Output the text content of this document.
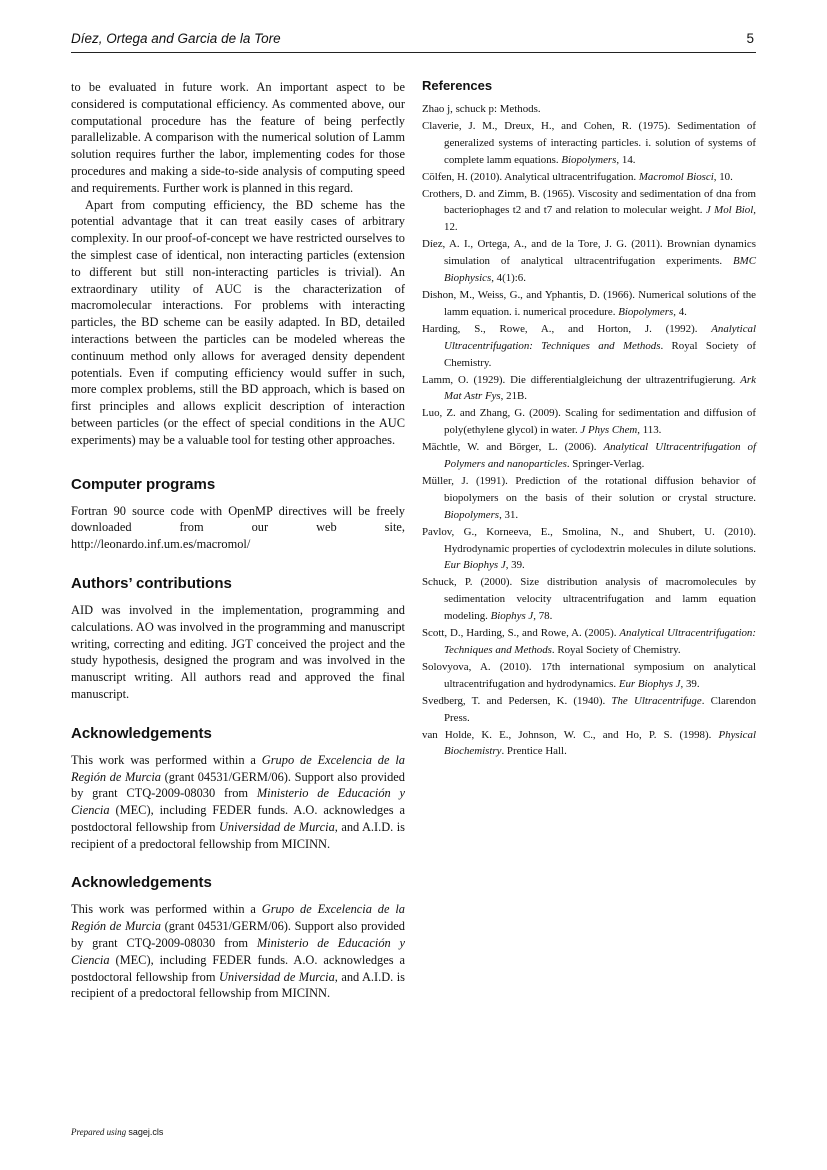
Díez, Ortega and Garcia de la Tore	5

to be evaluated in future work. An important aspect to be considered is computational efficiency. As commented above, our computational procedure has the feature of being perfectly parallelizable. A comparison with the numerical solution of Lamm solution requires further the labor, implementing codes for those procedures and making a side-to-side analysis of computing speed and requirements. Further work is planned in this regard.

Apart from computing efficiency, the BD scheme has the potential advantage that it can treat easily cases of arbitrary complexity. In our proof-of-concept we have restricted ourselves to the simplest case of identical, non interacting particles (extension to different but still non-interacting particles is trivial). An extraordinary utility of AUC is the characterization of macromolecular interactions. For problems with interacting particles, the BD scheme can be easily adapted. In BD, detailed interactions between the particles can be modeled whereas the continuum method only allows for averaged density dependent potentials. Even if computing efficiency would suffer in such, more complex problems, still the BD approach, which is based on first principles and allows explicit description of interaction between particles (or the effect of special conditions in the AUC experiments) may be a valuable tool for testing other approaches.

Computer programs

Fortran 90 source code with OpenMP directives will be freely downloaded from our web site, http://leonardo.inf.um.es/macromol/

Authors’ contributions

AID was involved in the implementation, programming and calculations. AO was involved in the programming and manuscript writing, correcting and editing. JGT conceived the project and the study hypothesis, designed the program and was involved in the manuscript writing. All authors read and approved the final manuscript.

Acknowledgements

This work was performed within a Grupo de Excelencia de la Región de Murcia (grant 04531/GERM/06). Support also provided by grant CTQ-2009-08030 from Ministerio de Educación y Ciencia (MEC), including FEDER funds. A.O. acknowledges a postdoctoral fellowship from Universidad de Murcia, and A.I.D. is recipient of a predoctoral fellowship from MICINN.

Acknowledgements

This work was performed within a Grupo de Excelencia de la Región de Murcia (grant 04531/GERM/06). Support also provided by grant CTQ-2009-08030 from Ministerio de Educación y Ciencia (MEC), including FEDER funds. A.O. acknowledges a postdoctoral fellowship from Universidad de Murcia, and A.I.D. is recipient of a predoctoral fellowship from MICINN.

References

Zhao j, schuck p: Methods.

Claverie, J. M., Dreux, H., and Cohen, R. (1975). Sedimentation of generalized systems of interacting particles. i. solution of systems of complete lamm equations. Biopolymers, 14.

Cölfen, H. (2010). Analytical ultracentrifugation. Macromol Biosci, 10.

Crothers, D. and Zimm, B. (1965). Viscosity and sedimentation of dna from bacteriophages t2 and t7 and relation to molecular weight. J Mol Biol, 12.

Díez, A. I., Ortega, A., and de la Tore, J. G. (2011). Brownian dynamics simulation of analytical ultracentrifugation experiments. BMC Biophysics, 4(1):6.

Dishon, M., Weiss, G., and Yphantis, D. (1966). Numerical solutions of the lamm equation. i. numerical procedure. Biopolymers, 4.

Harding, S., Rowe, A., and Horton, J. (1992). Analytical Ultracentrifugation: Techniques and Methods. Royal Society of Chemistry.

Lamm, O. (1929). Die differentialgleichung der ultrazentrifugierung. Ark Mat Astr Fys, 21B.

Luo, Z. and Zhang, G. (2009). Scaling for sedimentation and diffusion of poly(ethylene glycol) in water. J Phys Chem, 113.

Mächtle, W. and Börger, L. (2006). Analytical Ultracentrifugation of Polymers and nanoparticles. Springer-Verlag.

Müller, J. (1991). Prediction of the rotational diffusion behavior of biopolymers on the basis of their solution or crystal structure. Biopolymers, 31.

Pavlov, G., Korneeva, E., Smolina, N., and Shubert, U. (2010). Hydrodynamic properties of cyclodextrin molecules in dilute solutions. Eur Biophys J, 39.

Schuck, P. (2000). Size distribution analysis of macromolecules by sedimentation velocity ultracentrifugation and lamm equation modeling. Biophys J, 78.

Scott, D., Harding, S., and Rowe, A. (2005). Analytical Ultracentrifugation: Techniques and Methods. Royal Society of Chemistry.

Solovyova, A. (2010). 17th international symposium on analytical ultracentrifugation and hydrodynamics. Eur Biophys J, 39.

Svedberg, T. and Pedersen, K. (1940). The Ultracentrifuge. Clarendon Press.

van Holde, K. E., Johnson, W. C., and Ho, P. S. (1998). Physical Biochemistry. Prentice Hall.

Prepared using sagej.cls
